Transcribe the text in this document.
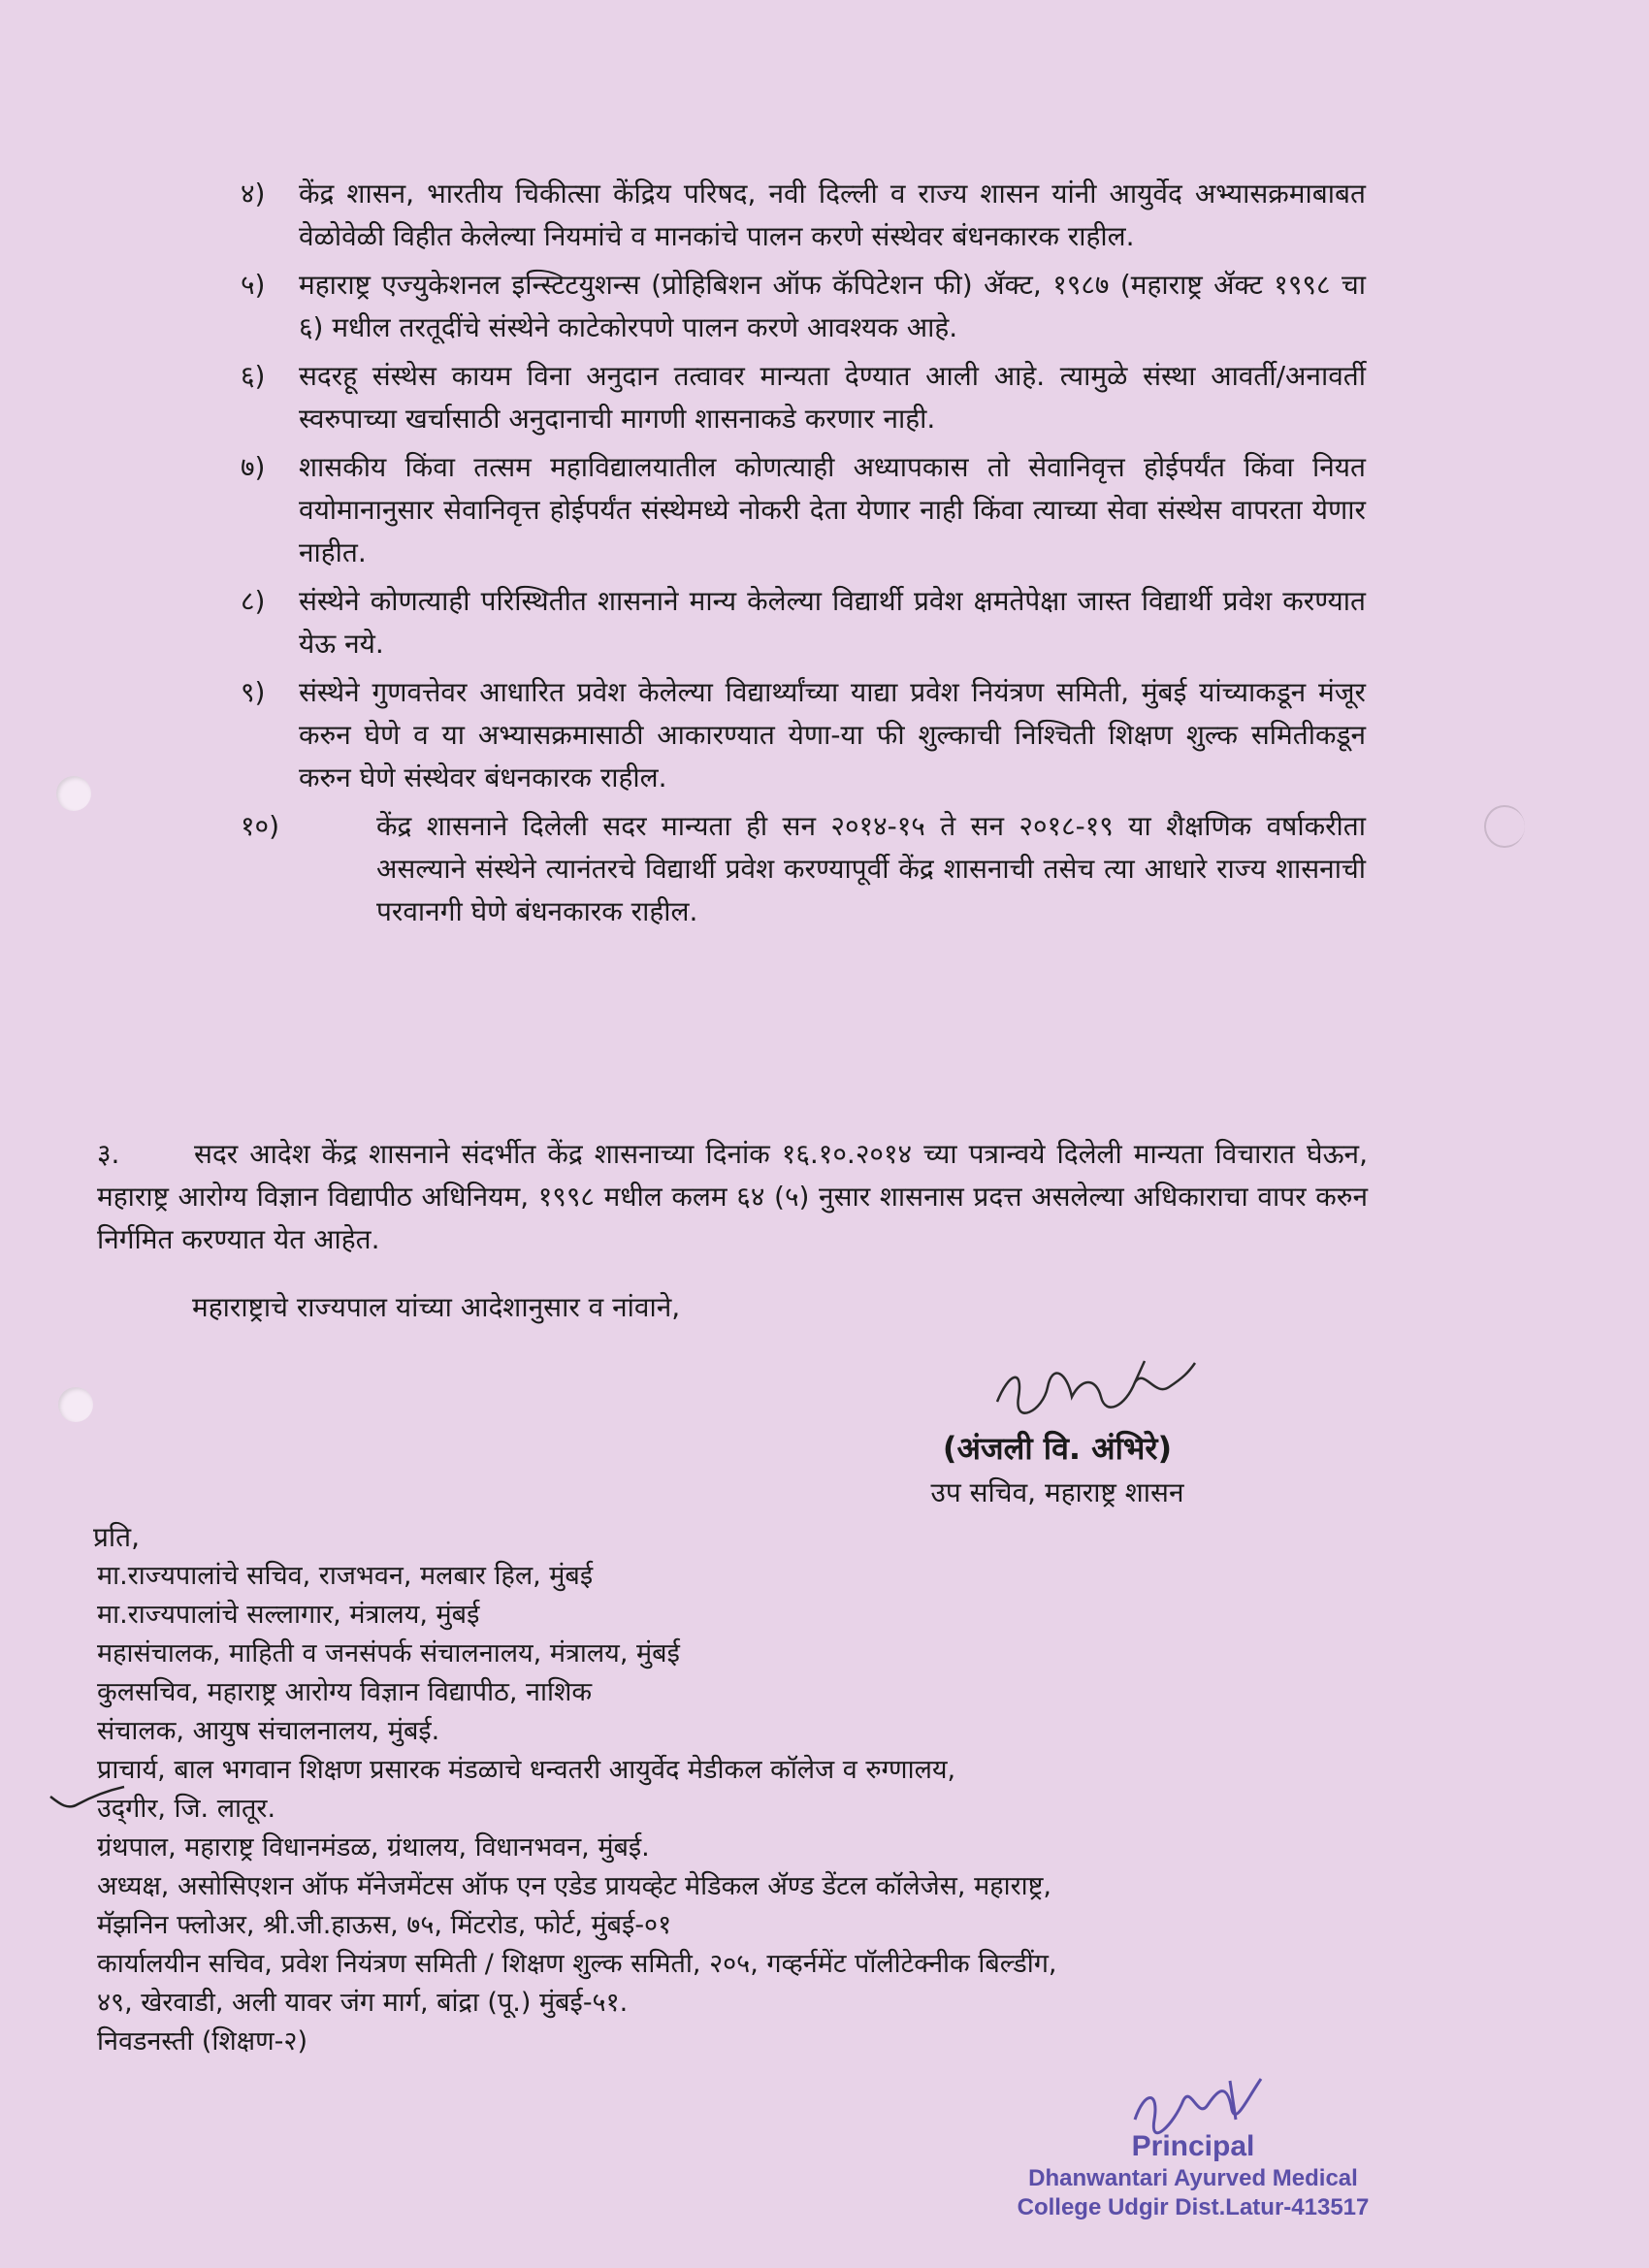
४)	केंद्र शासन, भारतीय चिकीत्सा केंद्रिय परिषद, नवी दिल्ली व राज्य शासन यांनी आयुर्वेद अभ्यासक्रमाबाबत वेळोवेळी विहीत केलेल्या नियमांचे व मानकांचे पालन करणे संस्थेवर बंधनकारक राहील.
५)	महाराष्ट्र एज्युकेशनल इन्स्टिटयुशन्स (प्रोहिबिशन ऑफ कॅपिटेशन फी) ॲक्ट, १९८७ (महाराष्ट्र ॲक्ट १९९८ चा ६) मधील तरतूदींचे संस्थेने काटेकोरपणे पालन करणे आवश्यक आहे.
६)	सदरहू संस्थेस कायम विना अनुदान तत्वावर मान्यता देण्यात आली आहे. त्यामुळे संस्था आवर्ती/अनावर्ती स्वरुपाच्या खर्चासाठी अनुदानाची मागणी शासनाकडे करणार नाही.
७)	शासकीय किंवा तत्सम महाविद्यालयातील कोणत्याही अध्यापकास तो सेवानिवृत्त होईपर्यंत किंवा नियत वयोमानानुसार सेवानिवृत्त होईपर्यंत संस्थेमध्ये नोकरी देता येणार नाही किंवा त्याच्या सेवा संस्थेस वापरता येणार नाहीत.
८)	संस्थेने कोणत्याही परिस्थितीत शासनाने मान्य केलेल्या विद्यार्थी प्रवेश क्षमतेपेक्षा जास्त विद्यार्थी प्रवेश करण्यात येऊ नये.
९)	संस्थेने गुणवत्तेवर आधारित प्रवेश केलेल्या विद्यार्थ्यांच्या याद्या प्रवेश नियंत्रण समिती, मुंबई यांच्याकडून मंजूर करुन घेणे व या अभ्यासक्रमासाठी आकारण्यात येणा-या फी शुल्काची निश्चिती शिक्षण शुल्क समितीकडून करुन घेणे संस्थेवर बंधनकारक राहील.
१०)	केंद्र शासनाने दिलेली सदर मान्यता ही सन २०१४-१५ ते सन २०१८-१९ या शैक्षणिक वर्षाकरीता असल्याने संस्थेने त्यानंतरचे विद्यार्थी प्रवेश करण्यापूर्वी केंद्र शासनाची तसेच त्या आधारे राज्य शासनाची परवानगी घेणे बंधनकारक राहील.
३.	सदर आदेश केंद्र शासनाने संदर्भीत केंद्र शासनाच्या दिनांक १६.१०.२०१४ च्या पत्रान्वये दिलेली मान्यता विचारात घेऊन, महाराष्ट्र आरोग्य विज्ञान विद्यापीठ अधिनियम, १९९८ मधील कलम ६४ (५) नुसार शासनास प्रदत्त असलेल्या अधिकाराचा वापर करुन निर्गमित करण्यात येत आहेत.
महाराष्ट्राचे राज्यपाल यांच्या आदेशानुसार व नांवाने,
(अंजली वि. अंभिरे)
उप सचिव, महाराष्ट्र शासन
प्रति,
मा.राज्यपालांचे सचिव, राजभवन, मलबार हिल, मुंबई
मा.राज्यपालांचे सल्लागार, मंत्रालय, मुंबई
महासंचालक, माहिती व जनसंपर्क संचालनालय, मंत्रालय, मुंबई
कुलसचिव, महाराष्ट्र आरोग्य विज्ञान विद्यापीठ, नाशिक
संचालक, आयुष संचालनालय, मुंबई.
प्राचार्य, बाल भगवान शिक्षण प्रसारक मंडळाचे धन्वतरी आयुर्वेद मेडीकल कॉलेज व रुग्णालय,
उद्‌गीर, जि. लातूर.
ग्रंथपाल, महाराष्ट्र विधानमंडळ, ग्रंथालय, विधानभवन, मुंबई.
अध्यक्ष, असोसिएशन ऑफ मॅनेजमेंटस ऑफ एन एडेड प्रायव्हेट मेडिकल ॲण्ड डेंटल कॉलेजेस, महाराष्ट्र,
मॅझनिन फ्लोअर, श्री.जी.हाऊस, ७५, मिंटरोड, फोर्ट, मुंबई-०१
कार्यालयीन सचिव, प्रवेश नियंत्रण समिती / शिक्षण शुल्क समिती, २०५, गव्हर्नमेंट पॉलीटेक्नीक बिल्डींग,
४९, खेरवाडी, अली यावर जंग मार्ग, बांद्रा (पू.) मुंबई-५१.
निवडनस्ती (शिक्षण-२)
Principal
Dhanwantari Ayurved Medical
College Udgir Dist.Latur-413517
